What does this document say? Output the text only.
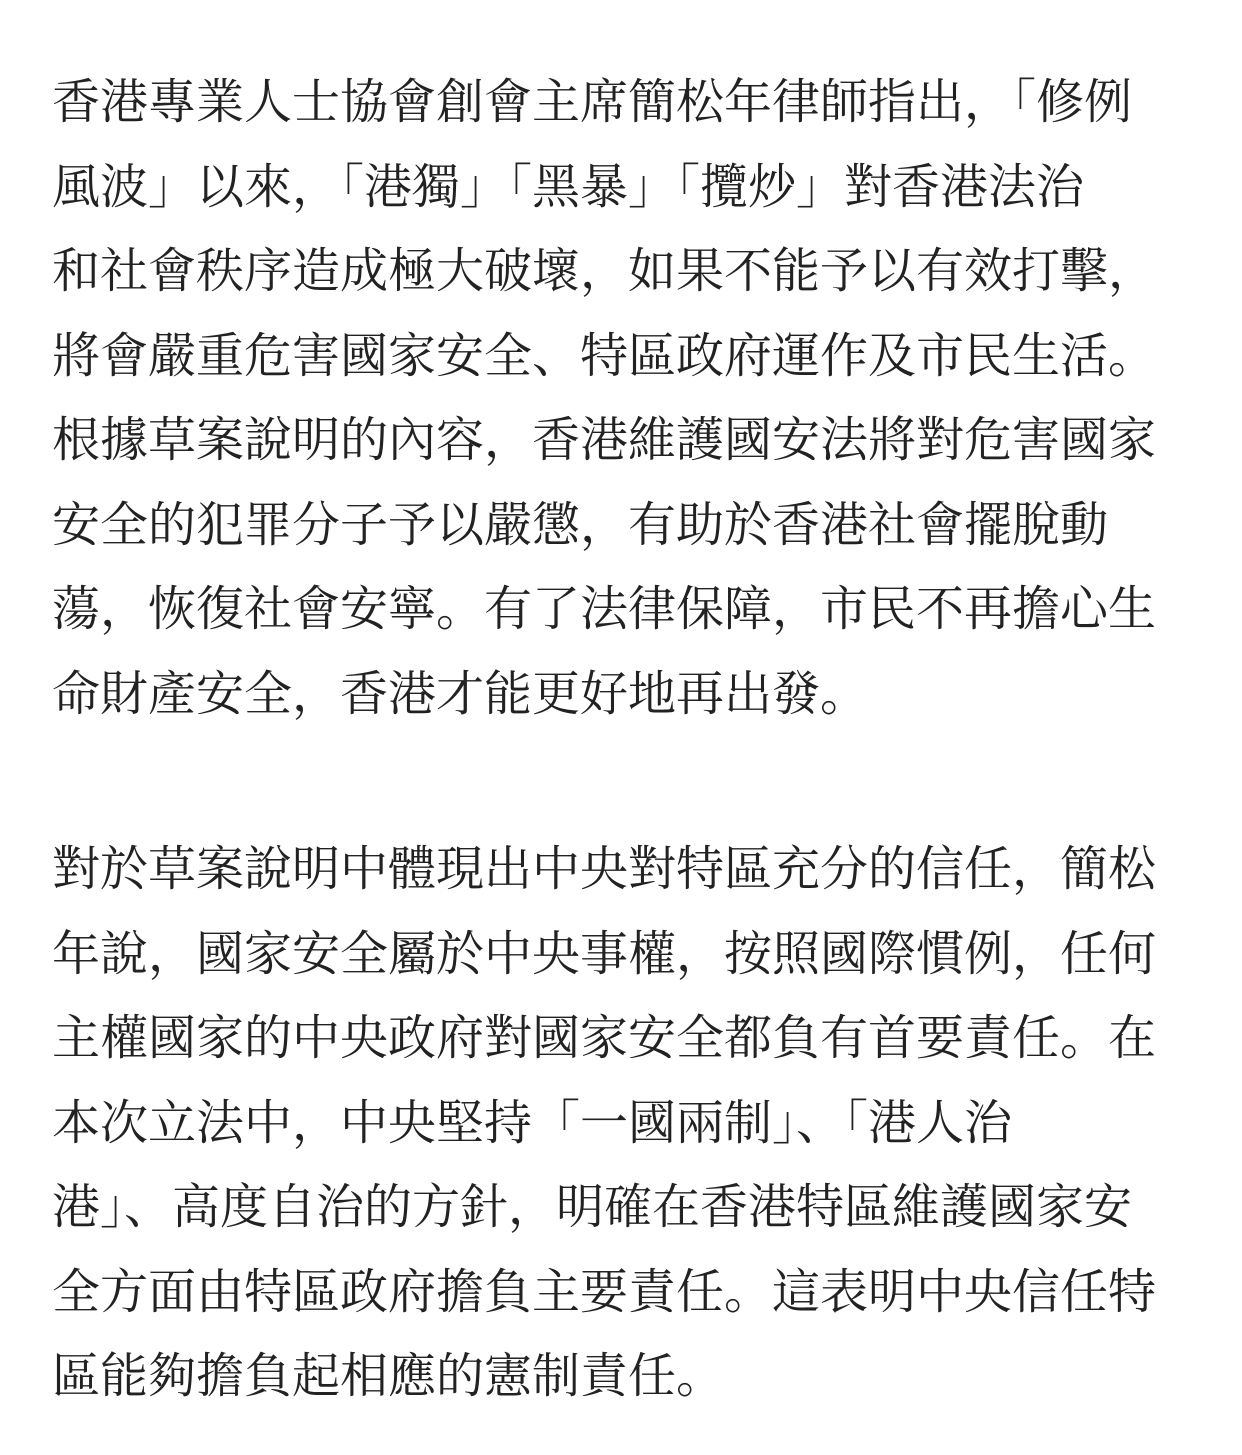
香港專業人士協會創會主席簡松年律師指出，「修例
風波」以來，「港獨」「黑暴」「攬炒」對香港法治
和社會秩序造成極大破壞，如果不能予以有效打擊，
將會嚴重危害國家安全、特區政府運作及市民生活。
根據草案說明的內容，香港維護國安法將對危害國家
安全的犯罪分子予以嚴懲，有助於香港社會擺脫動
蕩，恢復社會安寧。有了法律保障，市民不再擔心生
命財產安全，香港才能更好地再出發。
對於草案說明中體現出中央對特區充分的信任，簡松
年說，國家安全屬於中央事權，按照國際慣例，任何
主權國家的中央政府對國家安全都負有首要責任。在
本次立法中，中央堅持「一國兩制」、「港人治
港」、高度自治的方針，明確在香港特區維護國家安
全方面由特區政府擔負主要責任。這表明中央信任特
區能夠擔負起相應的憲制責任。
